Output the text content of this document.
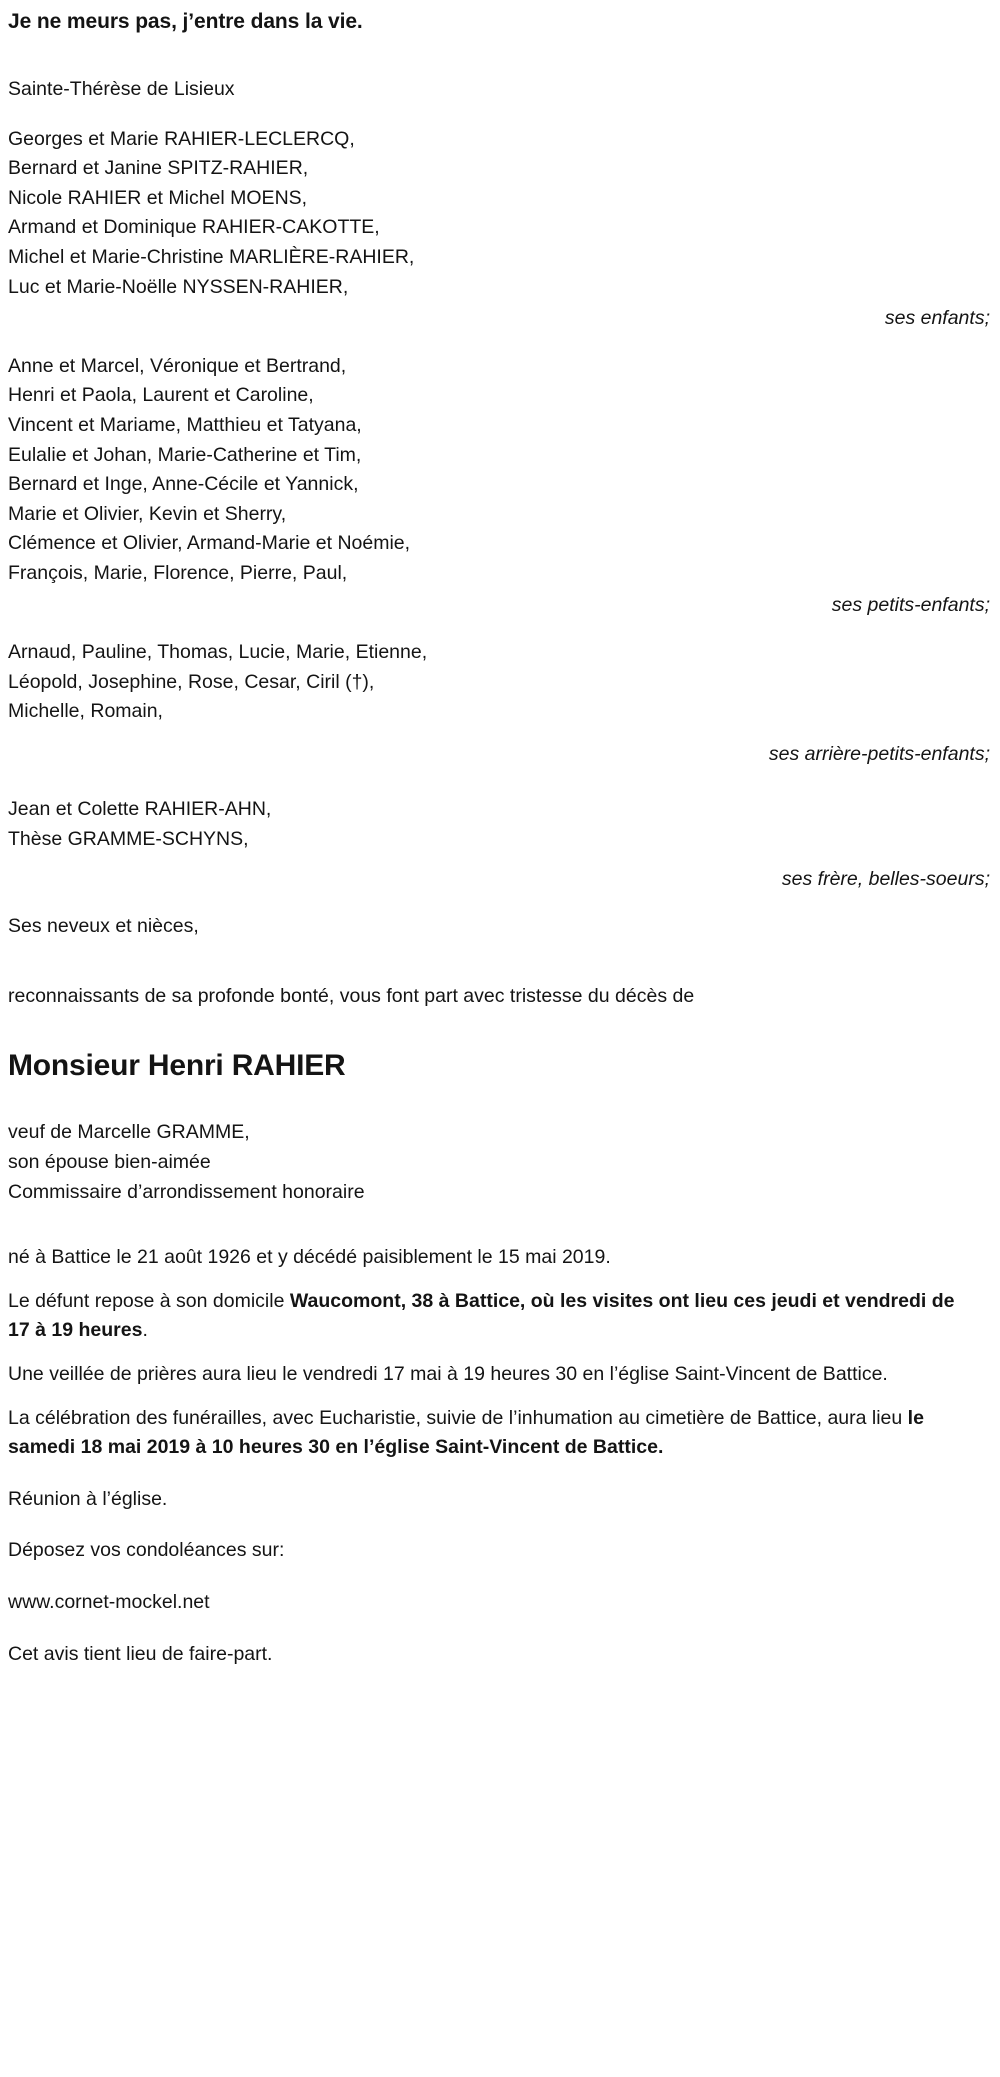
Je ne meurs pas, j’entre dans la vie.

Sainte-Thérèse de Lisieux

Georges et Marie RAHIER-LECLERCQ,
Bernard et Janine SPITZ-RAHIER,
Nicole RAHIER et Michel MOENS,
Armand et Dominique RAHIER-CAKOTTE,
Michel et Marie-Christine MARLIÈRE-RAHIER,
Luc et Marie-Noëlle NYSSEN-RAHIER,

ses enfants;

Anne et Marcel, Véronique et Bertrand,
Henri et Paola, Laurent et Caroline,
Vincent et Mariame, Matthieu et Tatyana,
Eulalie et Johan, Marie-Catherine et Tim,
Bernard et Inge, Anne-Cécile et Yannick,
Marie et Olivier, Kevin et Sherry,
Clémence et Olivier, Armand-Marie et Noémie,
François, Marie, Florence, Pierre, Paul,

ses petits-enfants;

Arnaud, Pauline, Thomas, Lucie, Marie, Etienne,
Léopold, Josephine, Rose, Cesar, Ciril (†),
Michelle, Romain,

ses arrière-petits-enfants;

Jean et Colette RAHIER-AHN,
Thèse GRAMME-SCHYNS,

ses frère, belles-soeurs;

Ses neveux et nièces,

reconnaissants de sa profonde bonté, vous font part avec tristesse du décès de

Monsieur Henri RAHIER
veuf de Marcelle GRAMME,
son épouse bien-aimée
Commissaire d’arrondissement honoraire

né à Battice le 21 août 1926 et y décédé paisiblement le 15 mai 2019.

Le défunt repose à son domicile Waucomont, 38 à Battice, où les visites ont lieu ces jeudi et vendredi de 17 à 19 heures.

Une veillée de prières aura lieu le vendredi 17 mai à 19 heures 30 en l’église Saint-Vincent de Battice.

La célébration des funérailles, avec Eucharistie, suivie de l’inhumation au cimetière de Battice, aura lieu le samedi 18 mai 2019 à 10 heures 30 en l’église Saint-Vincent de Battice.

Réunion à l’église.

Déposez vos condoléances sur:

www.cornet-mockel.net

Cet avis tient lieu de faire-part.
